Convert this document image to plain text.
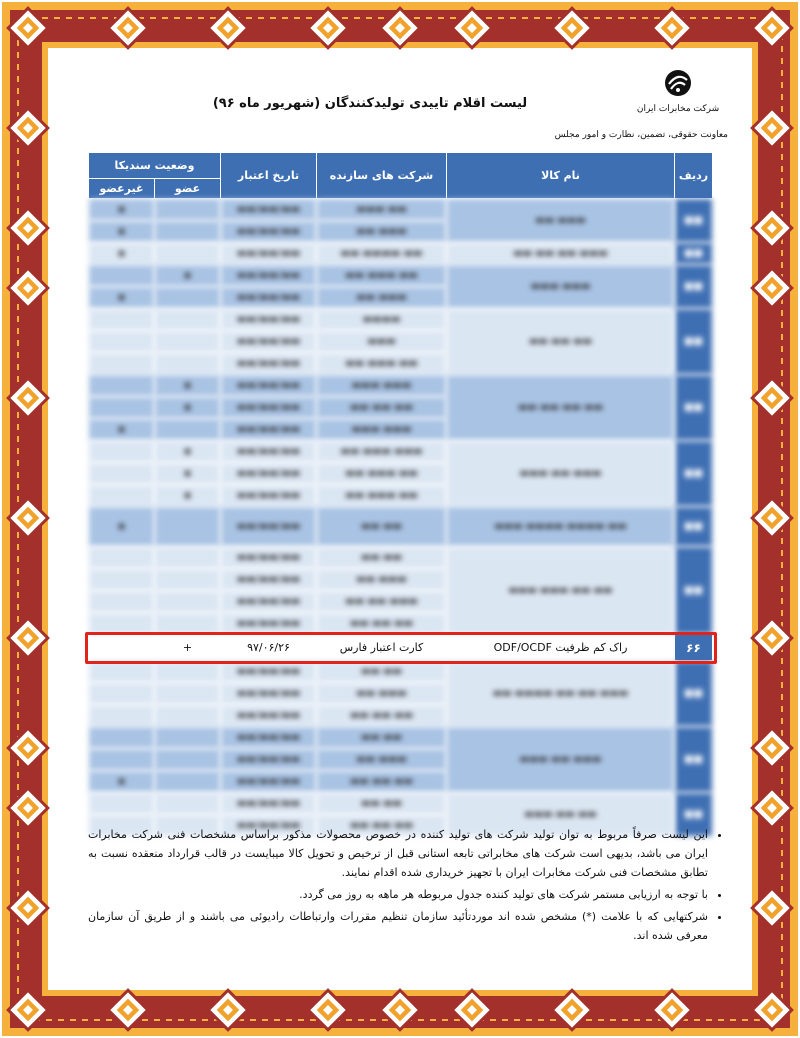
شرکت مخابرات ایران
معاونت حقوقی، تضمین، نظارت و امور مجلس
لیست اقلام تاییدی تولیدکنندگان (شهریور ماه ۹۶)
ردیف	نام کالا	شرکت های سازنده	تاریخ اعتبار	وضعیت سندیکا	
				عضو	غیرعضو
■■	▬▬▬ ▬▬	▬▬ ▬▬▬	▬▬/▬▬/▬▬		▪
		▬▬▬ ▬▬	▬▬/▬▬/▬▬		▪
■■	▬▬▬ ▬▬ ▬▬ ▬▬	▬▬ ▬▬▬▬ ▬▬	▬▬/▬▬/▬▬		▪
■■	▬▬▬ ▬▬▬	▬▬ ▬▬▬ ▬▬	▬▬/▬▬/▬▬	▪	
		▬▬▬ ▬▬	▬▬/▬▬/▬▬		▪
■■	▬▬ ▬▬ ▬▬	▬▬▬▬	▬▬/▬▬/▬▬		
		▬▬▬	▬▬/▬▬/▬▬		
		▬▬ ▬▬▬ ▬▬	▬▬/▬▬/▬▬		
■■	▬▬ ▬▬ ▬▬ ▬▬	▬▬▬ ▬▬▬	▬▬/▬▬/▬▬	▪	
		▬▬ ▬▬ ▬▬	▬▬/▬▬/▬▬	▪	
		▬▬▬ ▬▬▬	▬▬/▬▬/▬▬		▪
■■	▬▬▬ ▬▬ ▬▬▬	▬▬▬ ▬▬▬ ▬▬	▬▬/▬▬/▬▬	▪	
		▬▬ ▬▬▬ ▬▬	▬▬/▬▬/▬▬	▪	
		▬▬ ▬▬▬ ▬▬	▬▬/▬▬/▬▬	▪	
■■	▬▬ ▬▬▬▬ ▬▬▬▬ ▬▬▬	▬▬ ▬▬	▬▬/▬▬/▬▬		▪
■■	▬▬ ▬▬ ▬▬▬ ▬▬▬	▬▬ ▬▬	▬▬/▬▬/▬▬		
		▬▬▬ ▬▬	▬▬/▬▬/▬▬		
		▬▬▬ ▬▬ ▬▬	▬▬/▬▬/▬▬		
		▬▬ ▬▬ ▬▬	▬▬/▬▬/▬▬		
۶۶	راک کم ظرفیت ODF/OCDF	کارت اعتبار فارس	۹۷/۰۶/۲۶	+	
■■	▬▬▬ ▬▬ ▬▬ ▬▬▬▬ ▬▬	▬▬ ▬▬	▬▬/▬▬/▬▬		
		▬▬▬ ▬▬	▬▬/▬▬/▬▬		
		▬▬ ▬▬ ▬▬	▬▬/▬▬/▬▬		
■■	▬▬▬ ▬▬ ▬▬▬	▬▬ ▬▬	▬▬/▬▬/▬▬		
		▬▬▬ ▬▬	▬▬/▬▬/▬▬		
		▬▬ ▬▬ ▬▬	▬▬/▬▬/▬▬		▪
■■	▬▬ ▬▬ ▬▬▬	▬▬ ▬▬	▬▬/▬▬/▬▬		
		▬▬ ▬▬ ▬▬	▬▬/▬▬/▬▬		
• این لیست صرفاً مربوط به توان تولید شرکت های تولید کننده در خصوص محصولات مذکور براساس مشخصات فنی شرکت مخابرات ایران می باشد، بدیهی است شرکت های مخابراتی تابعه استانی قبل از ترخیص و تحویل کالا میبایست در قالب قرارداد منعقده نسبت به تطابق مشخصات فنی شرکت مخابرات ایران با تجهیز خریداری شده اقدام نمایند.
• با توجه به ارزیابی مستمر شرکت های تولید کننده جدول مربوطه هر ماهه به روز می گردد.
• شرکتهایی که با علامت (*) مشخص شده اند موردتأئید سازمان تنظیم مقررات وارتباطات رادیوئی می باشند و از طریق آن سازمان معرفی شده اند.
